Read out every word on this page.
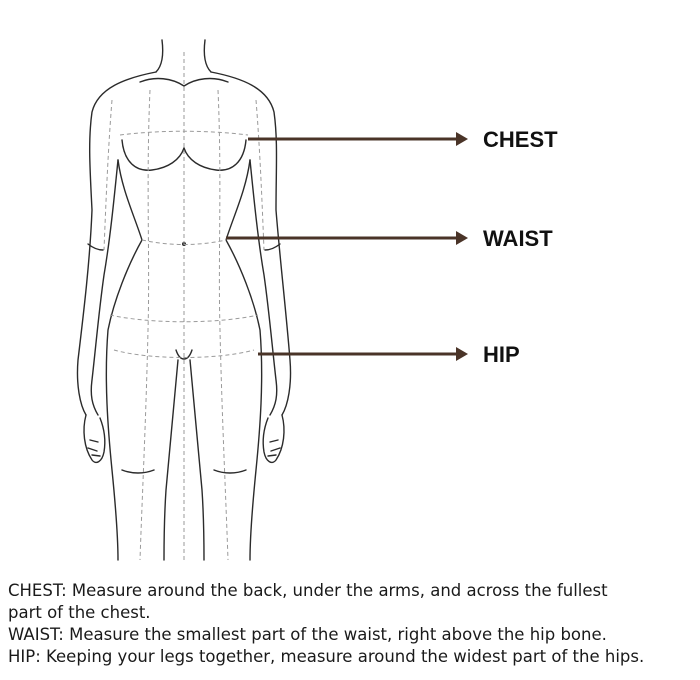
CHEST
WAIST
HIP

CHEST: Measure around the back, under the arms, and across the fullest

part of the chest.

WAIST: Measure the smallest part of the waist, right above the hip bone.

HIP: Keeping your legs together, measure around the widest part of the hips.
